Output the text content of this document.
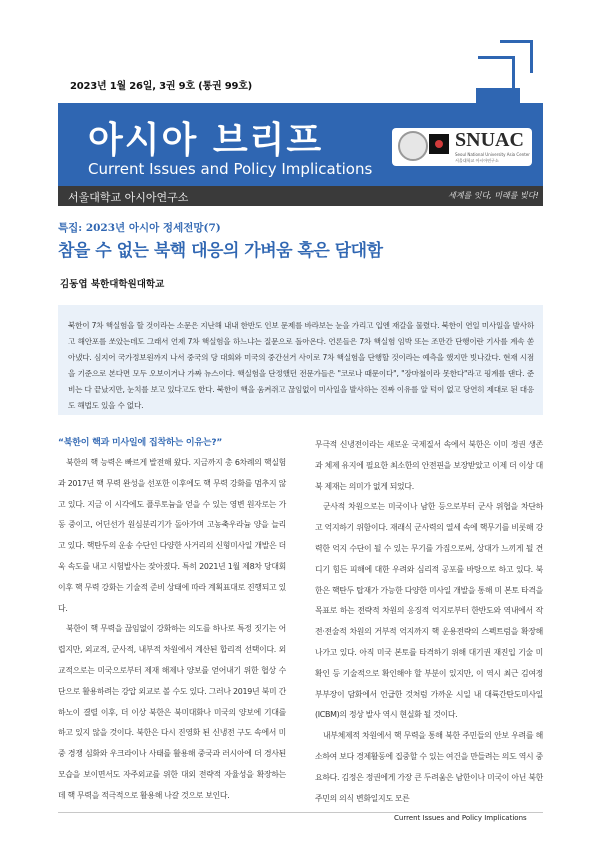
2023년 1월 26일, 3권 9호 (통권 99호)
아시아 브리프
Current Issues and Policy Implications
SNUAC
Seoul National University Asia Center
서울대학교 아시아연구소
서울대학교 아시아연구소	세계를 잇다, 미래를 빚다!
특집: 2023년 아시아 정세전망(7)
참을 수 없는 북핵 대응의 가벼움 혹은 담대함
김동엽 북한대학원대학교
북한이 7차 핵실험을 할 것이라는 소문은 지난해 내내 한반도 인보 문제를 바라보는 눈을 가리고 입엔 재갈을 물렸다. 북한이 연일 미사일을 발사하고 해안포를 쏘았는데도 그래서 언제 7차 핵실험을 하느냐는 질문으로 돌아온다. 언론들은 7차 핵실험 임박 또는 조만간 단행이란 기사를 계속 쏟아냈다. 심지어 국가정보원까지 나서 중국의 당 대회와 미국의 중간선거 사이로 7차 핵실험을 단행할 것이라는 예측을 했지만 빗나갔다. 현재 시점을 기준으로 본다면 모두 오보이거나 가짜 뉴스이다. 핵실험을 단정했던 전문가들은 "코로나 때문이다", "장마철이라 못한다"라고 핑계를 댄다. 준비는 다 끝났지만, 눈치를 보고 있다고도 한다. 북한이 핵을 움켜쥐고 끊임없이 미사일을 발사하는 진짜 이유를 알 턱이 없고 당연히 제대로 된 대응도 해법도 있을 수 없다.

“북한이 핵과 미사일에 집착하는 이유는?”

북한의 핵 능력은 빠르게 발전해 왔다. 지금까지 총 6차례의 핵실험과 2017년 핵 무력 완성을 선포한 이후에도 핵 무력 강화를 멈추지 않고 있다. 지금 이 시각에도 플루토늄을 얻을 수 있는 영변 원자로는 가동 중이고, 어딘선가 원심분리기가 돌아가며 고농축우라늄 양을 늘리고 있다. 핵탄두의 운송 수단인 다양한 사거리의 신형미사일 개발은 더욱 속도를 내고 시험발사는 잦아졌다. 특히 2021년 1월 제8차 당대회 이후 핵 무력 강화는 기술적 준비 상태에 따라 계획표대로 진행되고 있다.

북한이 핵 무력을 끊임없이 강화하는 의도를 하나로 특정 짓기는 어렵지만, 외교적, 군사적, 내부적 차원에서 계산된 합리적 선택이다. 외교적으로는 미국으로부터 제재 해제나 양보를 얻어내기 위한 협상 수단으로 활용하려는 강압 외교로 볼 수도 있다. 그러나 2019년 북미 간 하노이 결렬 이후, 더 이상 북한은 북미대화나 미국의 양보에 기대를 하고 있지 않을 것이다. 북한은 다시 진영화 된 신냉전 구도 속에서 미중 경쟁 심화와 우크라이나 사태를 활용해 중국과 러시아에 더 경사된 모습을 보이면서도 자주외교를 위한 대외 전략적 자율성을 확장하는 데 핵 무력을 적극적으로 활용해 나갈 것으로 보인다.

무극적 신냉전이라는 새로운 국제질서 속에서 북한은 이미 정권 생존과 체제 유지에 필요한 최소한의 안전핀을 보장받았고 이제 더 이상 대북 제재는 의미가 없게 되었다.

군사적 차원으로는 미국이나 남한 등으로부터 군사 위협을 차단하고 억지하기 위함이다. 재래식 군사력의 열세 속에 핵무기를 비롯해 강력한 억지 수단이 될 수 있는 무기를 가짐으로써, 상대가 느끼게 될 견디기 힘든 피해에 대한 우려와 심리적 공포를 바탕으로 하고 있다. 북한은 핵탄두 탑재가 가능한 다양한 미사일 개발을 통해 미 본토 타격을 목표로 하는 전략적 차원의 응징적 억지로부터 한반도와 역내에서 작전·전술적 차원의 거부적 억지까지 핵 운용전략의 스펙트럼을 확장해 나가고 있다. 아직 미국 본토를 타격하기 위해 대기권 재진입 기술 미확인 등 기술적으로 확인해야 할 부분이 있지만, 이 역시 최근 김여정 부부장이 담화에서 언급한 것처럼 가까운 시일 내 대륙간탄도미사일(ICBM)의 정상 발사 역시 현실화 될 것이다.

내부체제적 차원에서 핵 무력을 통해 북한 주민들의 안보 우려를 해소하여 보다 경제활동에 집중할 수 있는 여건을 만들려는 의도 역시 중요하다. 김정은 정권에게 가장 큰 두려움은 남한이나 미국이 아닌 북한 주민의 의식 변화일지도 모른

Current Issues and Policy Implications
